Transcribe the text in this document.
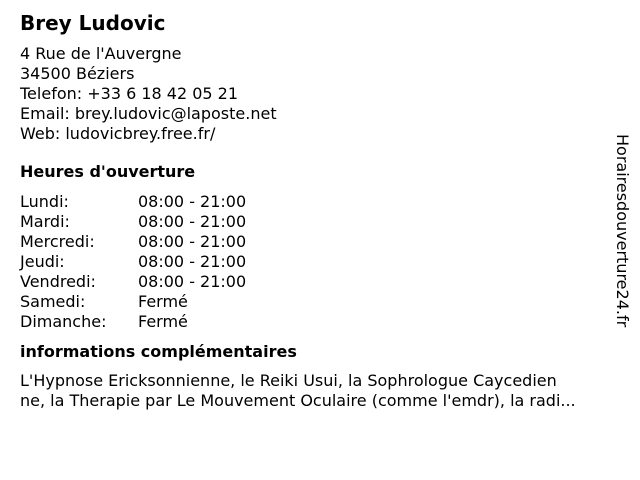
Brey Ludovic
4 Rue de l'Auvergne
34500 Béziers
Telefon: +33 6 18 42 05 21
Email: brey.ludovic@laposte.net
Web: ludovicbrey.free.fr/
Heures d'ouverture
Lundi:	08:00 - 21:00
Mardi:	08:00 - 21:00
Mercredi:	08:00 - 21:00
Jeudi:	08:00 - 21:00
Vendredi:	08:00 - 21:00
Samedi:	Fermé
Dimanche:	Fermé
informations complémentaires
L'Hypnose Ericksonnienne, le Reiki Usui, la Sophrologue Caycedien
ne, la Therapie par Le Mouvement Oculaire (comme l'emdr), la radi...
Horairesdouverture24.fr
